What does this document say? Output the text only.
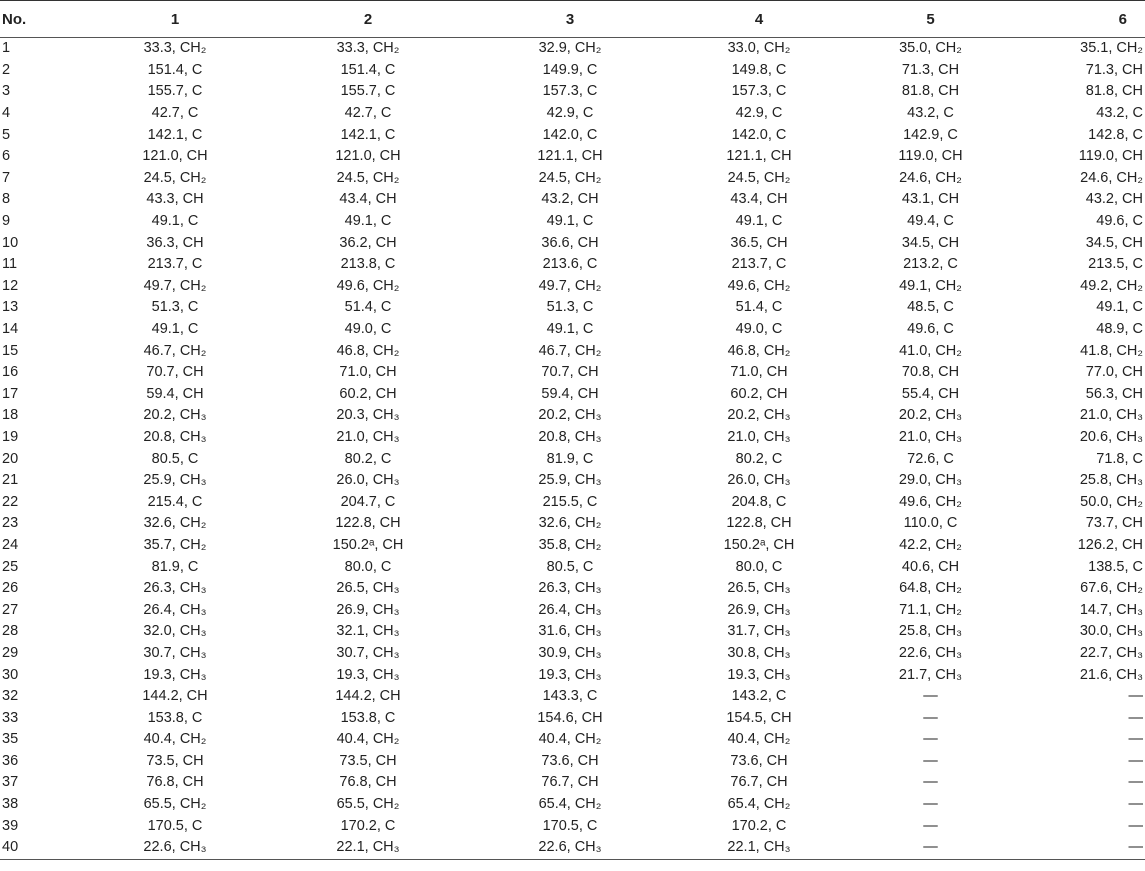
No.	1	2	3	4	5	6
1	33.3, CH₂	33.3, CH₂	32.9, CH₂	33.0, CH₂	35.0, CH₂	35.1, CH₂
2	151.4, C	151.4, C	149.9, C	149.8, C	71.3, CH	71.3, CH
3	155.7, C	155.7, C	157.3, C	157.3, C	81.8, CH	81.8, CH
4	42.7, C	42.7, C	42.9, C	42.9, C	43.2, C	43.2, C
5	142.1, C	142.1, C	142.0, C	142.0, C	142.9, C	142.8, C
6	121.0, CH	121.0, CH	121.1, CH	121.1, CH	119.0, CH	119.0, CH
7	24.5, CH₂	24.5, CH₂	24.5, CH₂	24.5, CH₂	24.6, CH₂	24.6, CH₂
8	43.3, CH	43.4, CH	43.2, CH	43.4, CH	43.1, CH	43.2, CH
9	49.1, C	49.1, C	49.1, C	49.1, C	49.4, C	49.6, C
10	36.3, CH	36.2, CH	36.6, CH	36.5, CH	34.5, CH	34.5, CH
11	213.7, C	213.8, C	213.6, C	213.7, C	213.2, C	213.5, C
12	49.7, CH₂	49.6, CH₂	49.7, CH₂	49.6, CH₂	49.1, CH₂	49.2, CH₂
13	51.3, C	51.4, C	51.3, C	51.4, C	48.5, C	49.1, C
14	49.1, C	49.0, C	49.1, C	49.0, C	49.6, C	48.9, C
15	46.7, CH₂	46.8, CH₂	46.7, CH₂	46.8, CH₂	41.0, CH₂	41.8, CH₂
16	70.7, CH	71.0, CH	70.7, CH	71.0, CH	70.8, CH	77.0, CH
17	59.4, CH	60.2, CH	59.4, CH	60.2, CH	55.4, CH	56.3, CH
18	20.2, CH₃	20.3, CH₃	20.2, CH₃	20.2, CH₃	20.2, CH₃	21.0, CH₃
19	20.8, CH₃	21.0, CH₃	20.8, CH₃	21.0, CH₃	21.0, CH₃	20.6, CH₃
20	80.5, C	80.2, C	81.9, C	80.2, C	72.6, C	71.8, C
21	25.9, CH₃	26.0, CH₃	25.9, CH₃	26.0, CH₃	29.0, CH₃	25.8, CH₃
22	215.4, C	204.7, C	215.5, C	204.8, C	49.6, CH₂	50.0, CH₂
23	32.6, CH₂	122.8, CH	32.6, CH₂	122.8, CH	110.0, C	73.7, CH
24	35.7, CH₂	150.2ᵃ, CH	35.8, CH₂	150.2ᵃ, CH	42.2, CH₂	126.2, CH
25	81.9, C	80.0, C	80.5, C	80.0, C	40.6, CH	138.5, C
26	26.3, CH₃	26.5, CH₃	26.3, CH₃	26.5, CH₃	64.8, CH₂	67.6, CH₂
27	26.4, CH₃	26.9, CH₃	26.4, CH₃	26.9, CH₃	71.1, CH₂	14.7, CH₃
28	32.0, CH₃	32.1, CH₃	31.6, CH₃	31.7, CH₃	25.8, CH₃	30.0, CH₃
29	30.7, CH₃	30.7, CH₃	30.9, CH₃	30.8, CH₃	22.6, CH₃	22.7, CH₃
30	19.3, CH₃	19.3, CH₃	19.3, CH₃	19.3, CH₃	21.7, CH₃	21.6, CH₃
32	144.2, CH	144.2, CH	143.3, C	143.2, C	—	—
33	153.8, C	153.8, C	154.6, CH	154.5, CH	—	—
35	40.4, CH₂	40.4, CH₂	40.4, CH₂	40.4, CH₂	—	—
36	73.5, CH	73.5, CH	73.6, CH	73.6, CH	—	—
37	76.8, CH	76.8, CH	76.7, CH	76.7, CH	—	—
38	65.5, CH₂	65.5, CH₂	65.4, CH₂	65.4, CH₂	—	—
39	170.5, C	170.2, C	170.5, C	170.2, C	—	—
40	22.6, CH₃	22.1, CH₃	22.6, CH₃	22.1, CH₃	—	—
